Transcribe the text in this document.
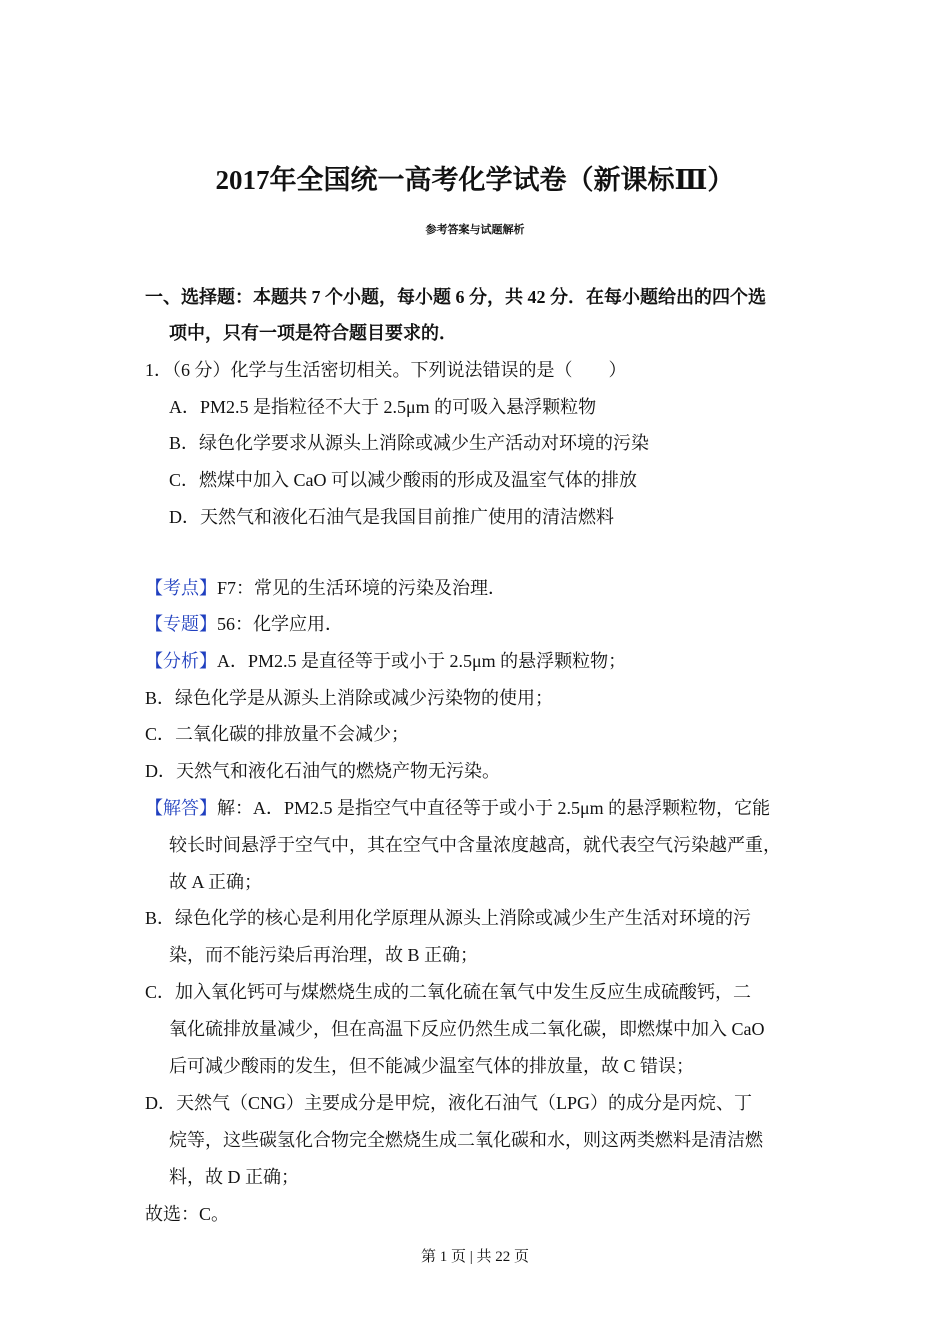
2017年全国统一高考化学试卷（新课标Ⅲ）
参考答案与试题解析
一、选择题：本题共 7 个小题，每小题 6 分，共 42 分．在每小题给出的四个选
项中，只有一项是符合题目要求的．
1．（6 分）化学与生活密切相关。下列说法错误的是（　　）
A．PM2.5 是指粒径不大于 2.5μm 的可吸入悬浮颗粒物
B．绿色化学要求从源头上消除或减少生产活动对环境的污染
C．燃煤中加入 CaO 可以减少酸雨的形成及温室气体的排放
D．天然气和液化石油气是我国目前推广使用的清洁燃料
【考点】F7：常见的生活环境的污染及治理．
【专题】56：化学应用．
【分析】A．PM2.5 是直径等于或小于 2.5μm 的悬浮颗粒物；
B．绿色化学是从源头上消除或减少污染物的使用；
C．二氧化碳的排放量不会减少；
D．天然气和液化石油气的燃烧产物无污染。
【解答】解：A．PM2.5 是指空气中直径等于或小于 2.5μm 的悬浮颗粒物，它能
较长时间悬浮于空气中，其在空气中含量浓度越高，就代表空气污染越严重，
故 A 正确；
B．绿色化学的核心是利用化学原理从源头上消除或减少生产生活对环境的污
染，而不能污染后再治理，故 B 正确；
C．加入氧化钙可与煤燃烧生成的二氧化硫在氧气中发生反应生成硫酸钙，二
氧化硫排放量减少，但在高温下反应仍然生成二氧化碳，即燃煤中加入 CaO
后可减少酸雨的发生，但不能减少温室气体的排放量，故 C 错误；
D．天然气（CNG）主要成分是甲烷，液化石油气（LPG）的成分是丙烷、丁
烷等，这些碳氢化合物完全燃烧生成二氧化碳和水，则这两类燃料是清洁燃
料，故 D 正确；
故选：C。
第 1 页 | 共 22 页
